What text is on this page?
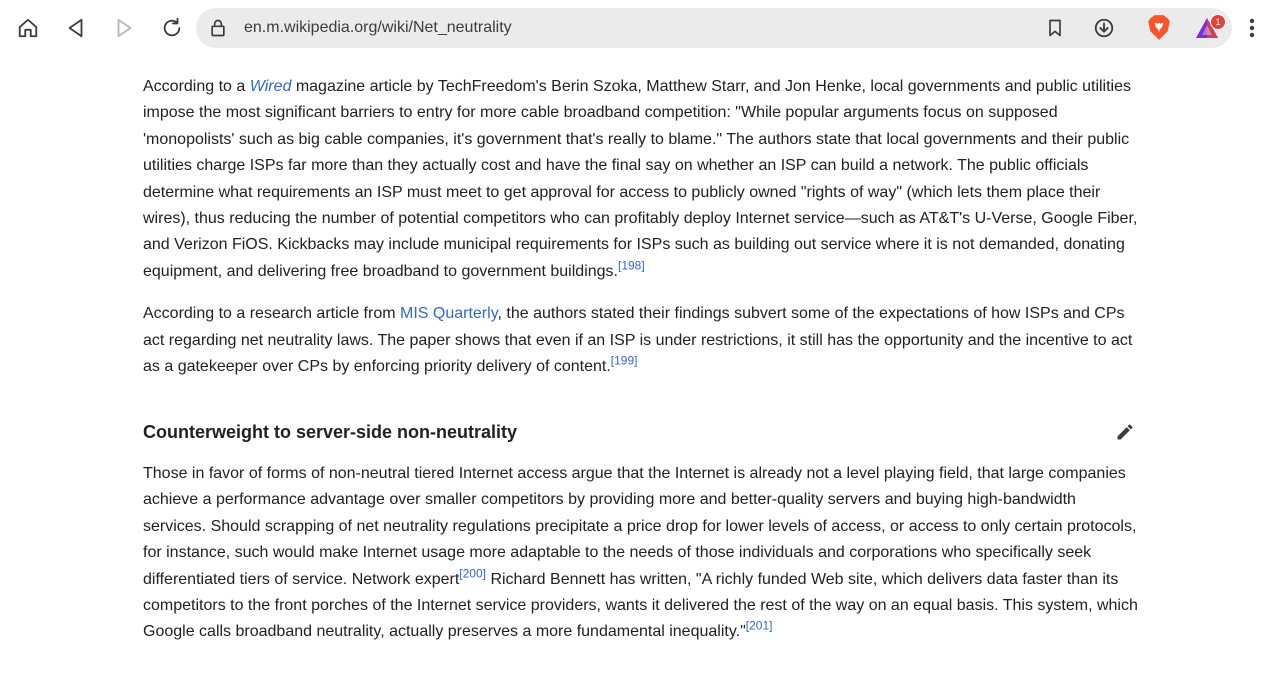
en.m.wikipedia.org/wiki/Net_neutrality	1

According to a Wired magazine article by TechFreedom's Berin Szoka, Matthew Starr, and Jon Henke, local governments and public utilities impose the most significant barriers to entry for more cable broadband competition: "While popular arguments focus on supposed 'monopolists' such as big cable companies, it's government that's really to blame." The authors state that local governments and their public utilities charge ISPs far more than they actually cost and have the final say on whether an ISP can build a network. The public officials determine what requirements an ISP must meet to get approval for access to publicly owned "rights of way" (which lets them place their wires), thus reducing the number of potential competitors who can profitably deploy Internet service—such as AT&T's U-Verse, Google Fiber, and Verizon FiOS. Kickbacks may include municipal requirements for ISPs such as building out service where it is not demanded, donating equipment, and delivering free broadband to government buildings.[198]

According to a research article from MIS Quarterly, the authors stated their findings subvert some of the expectations of how ISPs and CPs act regarding net neutrality laws. The paper shows that even if an ISP is under restrictions, it still has the opportunity and the incentive to act as a gatekeeper over CPs by enforcing priority delivery of content.[199]

Counterweight to server-side non-neutrality

Those in favor of forms of non-neutral tiered Internet access argue that the Internet is already not a level playing field, that large companies achieve a performance advantage over smaller competitors by providing more and better-quality servers and buying high-bandwidth services. Should scrapping of net neutrality regulations precipitate a price drop for lower levels of access, or access to only certain protocols, for instance, such would make Internet usage more adaptable to the needs of those individuals and corporations who specifically seek differentiated tiers of service. Network expert[200] Richard Bennett has written, "A richly funded Web site, which delivers data faster than its competitors to the front porches of the Internet service providers, wants it delivered the rest of the way on an equal basis. This system, which Google calls broadband neutrality, actually preserves a more fundamental inequality."[201]
